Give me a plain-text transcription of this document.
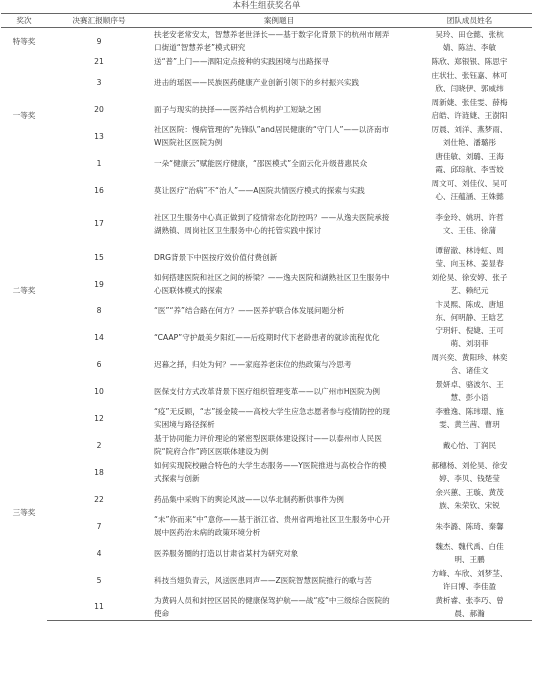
本科生组获奖名单
奖次	决赛汇报顺序号	案例题目	团队成员姓名
特等奖	9	扶老安老常安太，智慧养老世泽长——基于数字化背景下的杭州市闸弄口街道“智慧养老”模式研究	吴玲、田仓懿、张杭婧、陈洁、李敏
一等奖	21	送“普”上门——泗阳定点接种的实践困境与出路探寻	陈欣、郑银银、陈思宇
	3	进击的瑶医——民族医药健康产业创新引领下的乡村振兴实践	庄状壮、张钰嘉、林可欣、闫晓伊、郭威纬
	20	面子与现实的抉择——医养结合机构护工短缺之困	周新婕、张佳雯、薛梅启皓、许涟婕、王澍阳
	13	社区医院：慢病管理的“先锋队”and居民健康的“守门人”——以济南市W医院社区医院为例	厉晨、刘洋、燕梦雨、刘仕艳、潘璐彤
	1	一朵“健康云”赋能医疗健康，“邵医模式”全面云化升级普惠民众	唐佳敏、刘璐、王海霞、邱琮航、李雪姣
二等奖	16	莫让医疗“治病”不“治人”——A医院共情医疗模式的探索与实践	周文可、刘佳仪、吴可心、汪蕴涵、王姝懿
	17	社区卫生服务中心真正做到了疫情常态化防控吗？——从逸夫医院承接湖熟镇、周岗社区卫生服务中心的托管实践中探讨	李金玲、姚玥、许哲文、王佳、徐蒲
	15	DRG背景下中医按疗效价值付费创新	谭留澈、林诗虹、周莹、向玉林、姜显春
	19	如何搭建医院和社区之间的桥梁？——逸夫医院和湖熟社区卫生服务中心医联体模式的探索	刘伦昊、徐安婷、张子艺、赖纪元
	8	“医”“养”结合路在何方？——医养护联合体发展问题分析	卞灵熙、陈成、唐旭东、何明静、王晗艺
	14	“CAAP”守护最美夕阳红——后疫期时代下老龄患者的就诊流程优化	宁玥轩、倪婕、王可萌、刘羽菲
	6	迟暮之择，归处为何？——家庭养老床位的热政策与冷思考	周兴奕、黄阳珍、林奕含、诸佳文
	10	医保支付方式改革背景下医疗组织管理变革——以广州市H医院为例	景妍卓、骆波尔、王慧、彭小语
三等奖	12	“疫”无反顾，“志”援金陵——高校大学生应急志愿者参与疫情防控的现实困境与路径探析	李雅逸、陈玮璟、施雯、黄兰茜、曹玥
	2	基于协同能力评价理论的紧密型医联体建设探讨——以泰州市人民医院“院府合作”跨区医联体建设为例	戴心怡、丁润民
	18	如何实现院校融合特色的大学生态服务——Y医院推进与高校合作的模式探索与创新	郝穗杨、刘伦昊、徐安婷、李贝、钱楚莹
	22	药品集中采购下的舆论风波——以华北制药断供事件为例	余兴蕙、王璇、黄茂族、朱荣钦、宋锐
	7	“未”你而来“中”意你——基于浙江省、贵州省两地社区卫生服务中心开展中医药治未病的政策环境分析	朱李潞、陈琦、秦馨
	4	医养服务圈的打造以甘肃省某村为研究对象	魏杰、魏代禹、白佳明、王鹏
	5	科技当翅负青云，风送医患同声——Z医院智慧医院推行的歌与苦	方峰、车欣、刘梦茎、许曰博、李佳盈
	11	为黄码人员和封控区居民的健康保驾护航——战“疫”中三级综合医院的使命	黄析睿、张李巧、曾晨、郝瀚
